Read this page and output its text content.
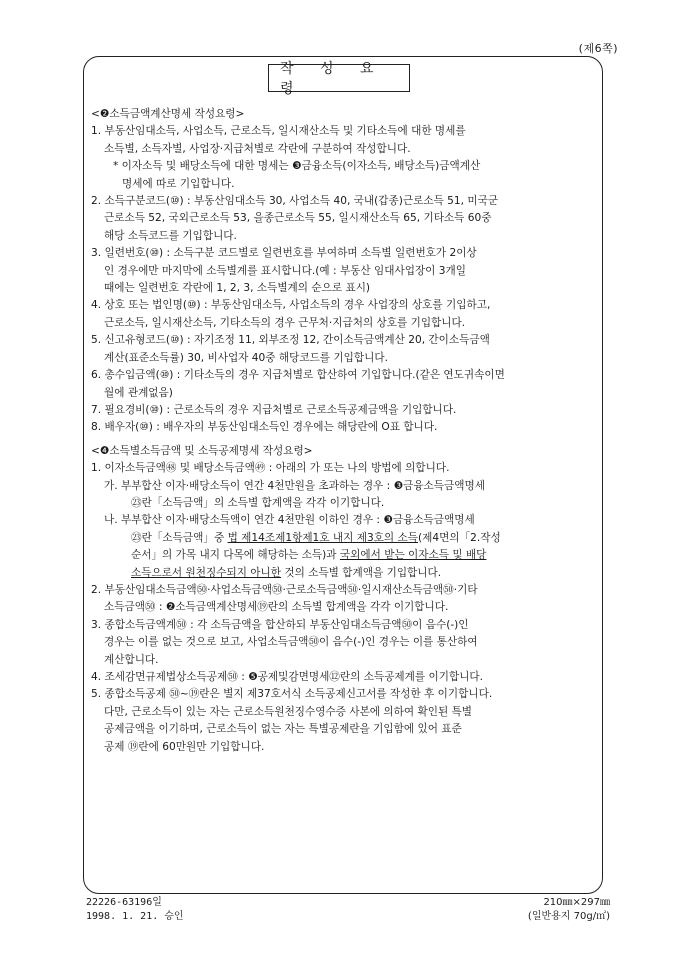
(제6쪽)
작 성 요 령

<❷소득금액계산명세 작성요령>

1. 부동산임대소득, 사업소득, 근로소득, 일시재산소득 및 기타소득에 대한 명세를

소득별, 소득자별, 사업장·지급처별로 각란에 구분하여 작성합니다.

* 이자소득 및 배당소득에 대한 명세는 ❸금융소득(이자소득, 배당소득)금액계산

명세에 따로 기입합니다.

2. 소득구분코드(⑩) : 부동산임대소득 30, 사업소득 40, 국내(갑종)근로소득 51, 미국군

근로소득 52, 국외근로소득 53, 을종근로소득 55, 일시재산소득 65, 기타소득 60중

해당 소득코드를 기입합니다.

3. 일련번호(⑩) : 소득구분 코드별로 일련번호를 부여하며 소득별 일련번호가 2이상

인 경우에만 마지막에 소득별계를 표시합니다.(예 : 부동산 임대사업장이 3개일

때에는 일련번호 각란에 1, 2, 3, 소득별계의 순으로 표시)

4. 상호 또는 법인명(⑩) : 부동산임대소득, 사업소득의 경우 사업장의 상호를 기입하고,

근로소득, 일시재산소득, 기타소득의 경우 근무처·지급처의 상호를 기입합니다.

5. 신고유형코드(⑩) : 자기조정 11, 외부조정 12, 간이소득금액계산 20, 간이소득금액

계산(표준소득률) 30, 비사업자 40중 해당코드를 기입합니다.

6. 총수입금액(⑩) : 기타소득의 경우 지급처별로 합산하여 기입합니다.(같은 연도귀속이면

월에 관계없음)

7. 필요경비(⑩) : 근로소득의 경우 지급처별로 근로소득공제금액을 기입합니다.

8. 배우자(⑩) : 배우자의 부동산임대소득인 경우에는 해당란에 O표 합니다.

<❹소득별소득금액 및 소득공제명세 작성요령>

1. 이자소득금액㊽ 및 배당소득금액㊾ : 아래의 가 또는 나의 방법에 의합니다.

가. 부부합산 이자·배당소득이 연간 4천만원을 초과하는 경우 : ❸금융소득금액명세

㉓란「소득금액」의 소득별 합계액을 각각 이기합니다.

나. 부부합산 이자·배당소득액이 연간 4천만원 이하인 경우 : ❸금융소득금액명세

㉓란「소득금액」중 법 제14조제1항제1호 내지 제3호의 소득(제4면의「2.작성

순서」의 가목 내지 다목에 해당하는 소득)과 국외에서 받는 이자소득 및 배당

소득으로서 원천징수되지 아니한 것의 소득별 합계액을 기입합니다.

2. 부동산임대소득금액㊿·사업소득금액㊿·근로소득금액㊿·일시재산소득금액㊿·기타

소득금액㊿ : ❷소득금액계산명세⑲란의 소득별 합계액을 각각 이기합니다.

3. 종합소득금액계㊿ : 각 소득금액을 합산하되 부동산임대소득금액㊿이 음수(-)인

경우는 이를 없는 것으로 보고, 사업소득금액㊿이 음수(-)인 경우는 이를 통산하여

계산합니다.

4. 조세감면규제법상소득공제㊿ : ❺공제및감면명세⑫란의 소득공제계를 이기합니다.

5. 종합소득공제 ㊿~⑲란은 별지 제37호서식 소득공제신고서를 작성한 후 이기합니다.

다만, 근로소득이 있는 자는 근로소득원천징수영수증 사본에 의하여 확인된 특별

공제금액을 이기하며, 근로소득이 없는 자는 특별공제란을 기입함에 있어 표준

공제 ⑲란에 60만원만 기입합니다.

22226-63196일
1998. 1. 21. 승인
210㎜×297㎜
(일반용지 70g/㎡)
